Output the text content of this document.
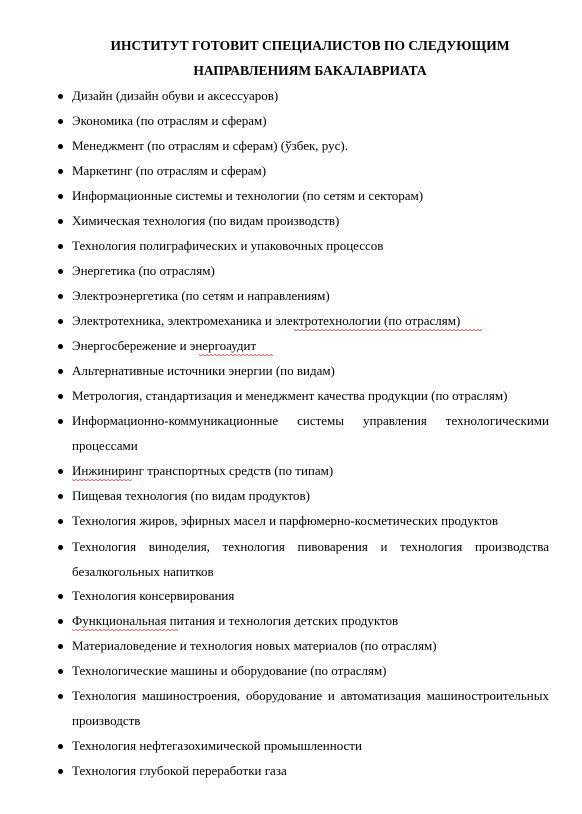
ИНСТИТУТ ГОТОВИТ СПЕЦИАЛИСТОВ ПО СЛЕДУЮЩИМ
НАПРАВЛЕНИЯМ БАКАЛАВРИАТА
Дизайн (дизайн обуви и аксессуаров)
Экономика (по отраслям и сферам)
Менеджмент (по отраслям и сферам) (ўзбек, рус).
Маркетинг (по отраслям и сферам)
Информационные системы и технологии (по сетям и секторам)
Химическая технология (по видам производств)
Технология полиграфических и упаковочных процессов
Энергетика (по отраслям)
Электроэнергетика (по сетям и направлениям)
Электротехника, электромеханика и электротехнологии (по отраслям)
Энергосбережение и энергоаудит
Альтернативные источники энергии (по видам)
Метрология, стандартизация и менеджмент качества продукции (по отраслям)
Информационно-коммуникационные системы управления технологическими процессами
Инжиниринг транспортных средств (по типам)
Пищевая технология (по видам продуктов)
Технология жиров, эфирных масел и парфюмерно-косметических продуктов
Технология виноделия, технология пивоварения и технология производства безалкогольных напитков
Технология консервирования
Функциональная питания и технология детских продуктов
Материаловедение и технология новых материалов (по отраслям)
Технологические машины и оборудование (по отраслям)
Технология машиностроения, оборудование и автоматизация машиностроительных производств
Технология нефтегазохимической промышленности
Технология глубокой переработки газа
